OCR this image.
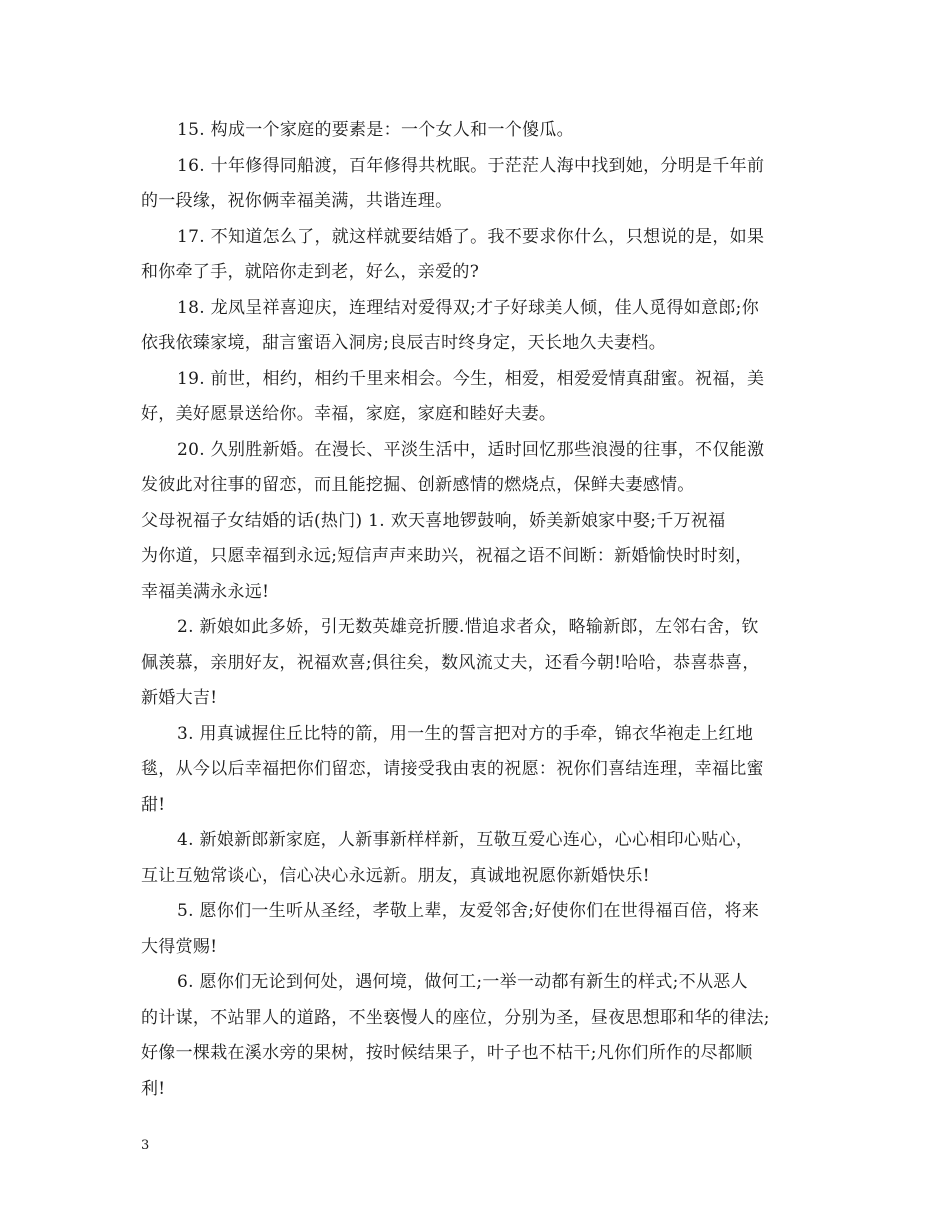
15. 构成一个家庭的要素是：一个女人和一个傻瓜。

16. 十年修得同船渡，百年修得共枕眠。于茫茫人海中找到她，分明是千年前
的一段缘，祝你俩幸福美满，共谐连理。

17. 不知道怎么了，就这样就要结婚了。我不要求你什么，只想说的是，如果
和你牵了手，就陪你走到老，好么，亲爱的?

18. 龙凤呈祥喜迎庆，连理结对爱得双;才子好球美人倾，佳人觅得如意郎;你
依我依臻家境，甜言蜜语入洞房;良辰吉时终身定，天长地久夫妻档。

19. 前世，相约，相约千里来相会。今生，相爱，相爱爱情真甜蜜。祝福，美
好，美好愿景送给你。幸福，家庭，家庭和睦好夫妻。

20. 久别胜新婚。在漫长、平淡生活中，适时回忆那些浪漫的往事，不仅能激
发彼此对往事的留恋，而且能挖掘、创新感情的燃烧点，保鲜夫妻感情。

父母祝福子女结婚的话(热门) 1. 欢天喜地锣鼓响，娇美新娘家中娶;千万祝福

为你道，只愿幸福到永远;短信声声来助兴，祝福之语不间断：新婚愉快时时刻，

幸福美满永永远!

2. 新娘如此多娇，引无数英雄竞折腰.惜追求者众，略输新郎，左邻右舍，钦
佩羡慕，亲朋好友，祝福欢喜;俱往矣，数风流丈夫，还看今朝!哈哈，恭喜恭喜，
新婚大吉!

3. 用真诚握住丘比特的箭，用一生的誓言把对方的手牵，锦衣华袍走上红地
毯，从今以后幸福把你们留恋，请接受我由衷的祝愿：祝你们喜结连理，幸福比蜜
甜!

4. 新娘新郎新家庭，人新事新样样新，互敬互爱心连心，心心相印心贴心，
互让互勉常谈心，信心决心永远新。朋友，真诚地祝愿你新婚快乐!

5. 愿你们一生听从圣经，孝敬上辈，友爱邻舍;好使你们在世得福百倍，将来
大得赏赐!

6. 愿你们无论到何处，遇何境，做何工;一举一动都有新生的样式;不从恶人
的计谋，不站罪人的道路，不坐亵慢人的座位，分别为圣，昼夜思想耶和华的律法;
好像一棵栽在溪水旁的果树，按时候结果子，叶子也不枯干;凡你们所作的尽都顺
利!

3
